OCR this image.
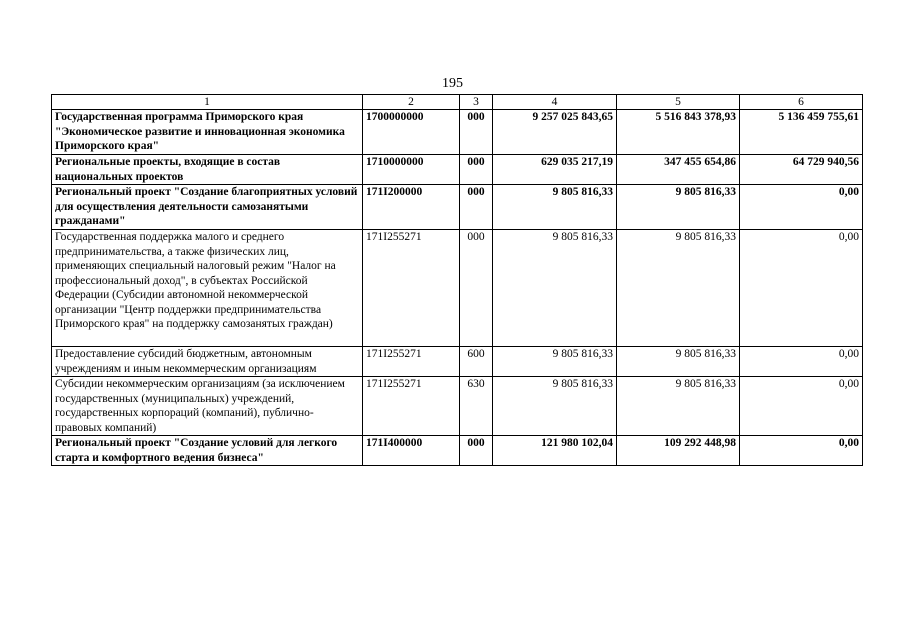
195
1	2	3	4	5	6
Государственная программа Приморского края "Экономическое развитие и инновационная экономика Приморского края"	1700000000	000	9 257 025 843,65	5 516 843 378,93	5 136 459 755,61
Региональные проекты, входящие в состав национальных проектов	1710000000	000	629 035 217,19	347 455 654,86	64 729 940,56
Региональный проект "Создание благоприятных условий для осуществления деятельности самозанятыми гражданами"	171I200000	000	9 805 816,33	9 805 816,33	0,00
Государственная поддержка малого и среднего предпринимательства, а также физических лиц, применяющих специальный налоговый режим "Налог на профессиональный доход", в субъектах Российской Федерации (Субсидии автономной некоммерческой организации "Центр поддержки предпринимательства Приморского края" на поддержку самозанятых граждан)	171I255271	000	9 805 816,33	9 805 816,33	0,00
Предоставление субсидий бюджетным, автономным учреждениям и иным некоммерческим организациям	171I255271	600	9 805 816,33	9 805 816,33	0,00
Субсидии некоммерческим организациям (за исключением государственных (муниципальных) учреждений, государственных корпораций (компаний), публично-правовых компаний)	171I255271	630	9 805 816,33	9 805 816,33	0,00
Региональный проект "Создание условий для легкого старта и комфортного ведения бизнеса"	171I400000	000	121 980 102,04	109 292 448,98	0,00
